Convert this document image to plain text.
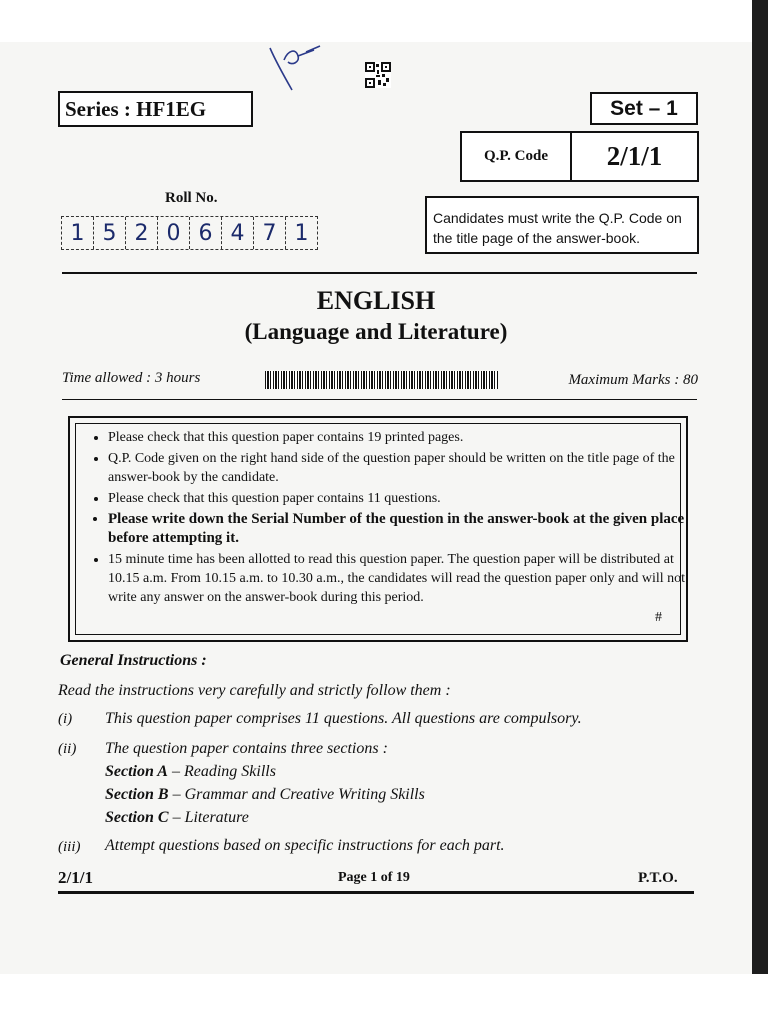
Series : HF1EG	Set – 1
Q.P. Code	2/1/1
Candidates must write the Q.P. Code on the title page of the answer-book.
Roll No.
1 5 2 0 6 4 7 1
ENGLISH
(Language and Literature)
Time allowed : 3 hours	Maximum Marks : 80
• Please check that this question paper contains 19 printed pages.
• Q.P. Code given on the right hand side of the question paper should be written on the title page of the answer-book by the candidate.
• Please check that this question paper contains 11 questions.
• Please write down the Serial Number of the question in the answer-book at the given place before attempting it.
• 15 minute time has been allotted to read this question paper. The question paper will be distributed at 10.15 a.m. From 10.15 a.m. to 10.30 a.m., the candidates will read the question paper only and will not write any answer on the answer-book during this period.
#
General Instructions :
Read the instructions very carefully and strictly follow them :
(i) This question paper comprises 11 questions. All questions are compulsory.
(ii) The question paper contains three sections :
Section A – Reading Skills
Section B – Grammar and Creative Writing Skills
Section C – Literature
(iii) Attempt questions based on specific instructions for each part.
2/1/1	Page 1 of 19	P.T.O.
